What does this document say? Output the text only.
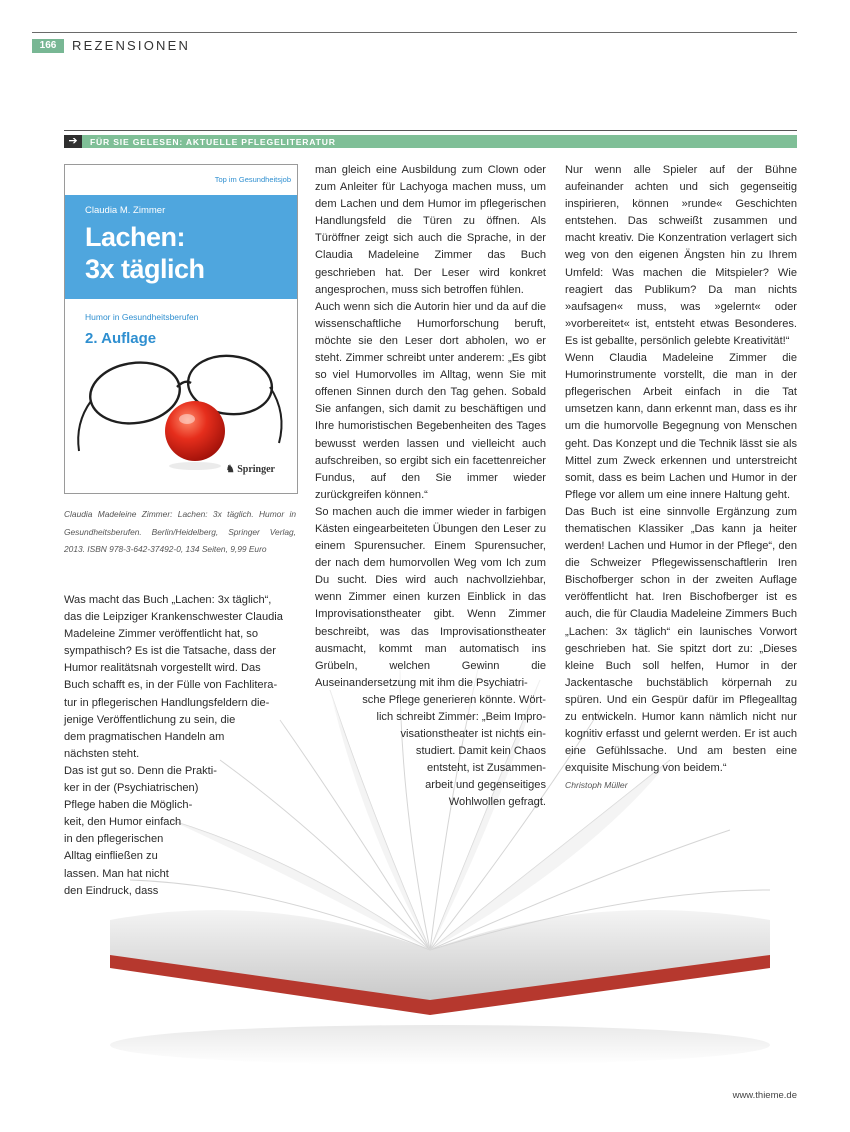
166	REZENSIONEN
➔	FÜR SIE GELESEN: AKTUELLE PFLEGELITERATUR
Top im Gesundheitsjob
Claudia M. Zimmer
Lachen:
3x täglich
Humor in Gesundheitsberufen
2. Auflage
♞ Springer
Claudia Madeleine Zimmer: Lachen: 3x täglich. Humor in Gesundheitsberufen. Berlin/Heidelberg, Springer Verlag, 2013. ISBN 978-3-642-37492-0, 134 Seiten, 9,99 Euro

Was macht das Buch „Lachen: 3x täglich“,

das die Leipziger Krankenschwester Claudia

Madeleine Zimmer veröffentlicht hat, so

sympathisch? Es ist die Tatsache, dass der

Humor realitätsnah vorgestellt wird. Das

Buch schafft es, in der Fülle von Fachlitera-

tur in pflegerischen Handlungsfeldern die-

jenige Veröffentlichung zu sein, die

dem pragmatischen Handeln am

nächsten steht.

Das ist gut so. Denn die Prakti-

ker in der (Psychiatrischen)

Pflege haben die Möglich-

keit, den Humor einfach

in den pflegerischen

Alltag einfließen zu

lassen. Man hat nicht

den Eindruck, dass

man gleich eine Ausbildung zum Clown oder zum Anleiter für Lachyoga machen muss, um dem Lachen und dem Humor im pflegerischen Handlungsfeld die Türen zu öffnen. Als Türöffner zeigt sich auch die Sprache, in der Claudia Madeleine Zimmer das Buch geschrieben hat. Der Leser wird konkret angesprochen, muss sich betroffen fühlen.

Auch wenn sich die Autorin hier und da auf die wissenschaftliche Humorforschung beruft, möchte sie den Leser dort abholen, wo er steht. Zimmer schreibt unter anderem: „Es gibt so viel Humorvolles im Alltag, wenn Sie mit offenen Sinnen durch den Tag gehen. Sobald Sie anfangen, sich damit zu beschäftigen und Ihre humoristischen Begebenheiten des Tages bewusst werden lassen und vielleicht auch aufschreiben, so ergibt sich ein facettenreicher Fundus, auf den Sie immer wieder zurückgreifen können.“

So machen auch die immer wieder in farbigen Kästen eingearbeiteten Übungen den Leser zu einem Spurensucher. Einem Spurensucher, der nach dem humorvollen Weg vom Ich zum Du sucht. Dies wird auch nachvollziehbar, wenn Zimmer einen kurzen Einblick in das Improvisationstheater gibt. Wenn Zimmer beschreibt, was das Improvisationstheater ausmacht, kommt man automatisch ins Grübeln, welchen Gewinn die Auseinandersetzung mit ihm die Psychiatri-

sche Pflege generieren könnte. Wört-

lich schreibt Zimmer: „Beim Impro-

visationstheater ist nichts ein-

studiert. Damit kein Chaos

entsteht, ist Zusammen-

arbeit und gegenseitiges

Wohlwollen gefragt.

Nur wenn alle Spieler auf der Bühne aufeinander achten und sich gegenseitig inspirieren, können »runde« Geschichten entstehen. Das schweißt zusammen und macht kreativ. Die Konzentration verlagert sich weg von den eigenen Ängsten hin zu Ihrem Umfeld: Was machen die Mitspieler? Wie reagiert das Publikum? Da man nichts »aufsagen« muss, was »gelernt« oder »vorbereitet« ist, entsteht etwas Besonderes. Es ist geballte, persönlich gelebte Kreativität!“

Wenn Claudia Madeleine Zimmer die Humorinstrumente vorstellt, die man in der pflegerischen Arbeit einfach in die Tat umsetzen kann, dann erkennt man, dass es ihr um die humorvolle Begegnung von Menschen geht. Das Konzept und die Technik lässt sie als Mittel zum Zweck erkennen und unterstreicht somit, dass es beim Lachen und Humor in der Pflege vor allem um eine innere Haltung geht.

Das Buch ist eine sinnvolle Ergänzung zum thematischen Klassiker „Das kann ja heiter werden! Lachen und Humor in der Pflege“, den die Schweizer Pflegewissenschaftlerin Iren Bischofberger schon in der zweiten Auflage veröffentlicht hat. Iren Bischofberger ist es auch, die für Claudia Madeleine Zimmers Buch „Lachen: 3x täglich“ ein launisches Vorwort geschrieben hat. Sie spitzt dort zu: „Dieses kleine Buch soll helfen, Humor in der Jackentasche buchstäblich körpernah zu spüren. Und ein Gespür dafür im Pflegealltag zu entwickeln. Humor kann nämlich nicht nur kognitiv erfasst und gelernt werden. Er ist auch eine Gefühlssache. Und am besten eine exquisite Mischung von beidem.“

Christoph Müller

www.thieme.de
